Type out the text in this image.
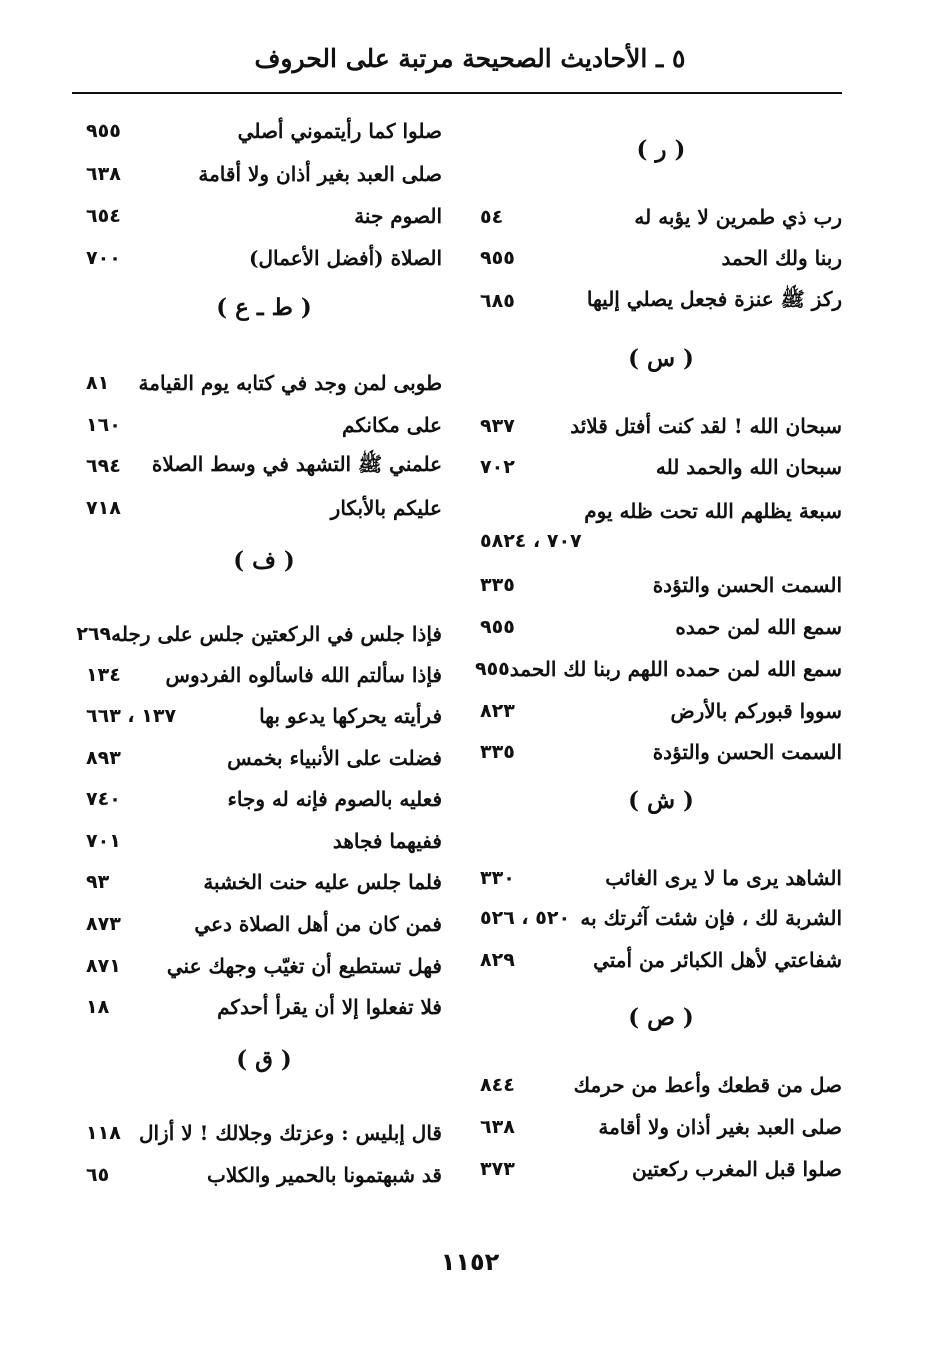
٥ ـ الأحاديث الصحيحة مرتبة على الحروف
( ر )
رب ذي طمرين لا يؤبه له
٥٤
ربنا ولك الحمد
٩٥٥
ركز ﷺ عنزة فجعل يصلي إليها
٦٨٥
( س )
سبحان الله ! لقد كنت أفتل قلائد
٩٣٧
سبحان الله والحمد لله
٧٠٢
سبعة يظلهم الله تحت ظله يوم
٧٠٧ ، ٥٨٢٤
السمت الحسن والتؤدة
٣٣٥
سمع الله لمن حمده
٩٥٥
سمع الله لمن حمده اللهم ربنا لك الحمد
٩٥٥
سووا قبوركم بالأرض
٨٢٣
السمت الحسن والتؤدة
٣٣٥
( ش )
الشاهد يرى ما لا يرى الغائب
٣٣٠
الشربة لك ، فإن شئت آثرتك به
٥٢٠ ، ٥٢٦
شفاعتي لأهل الكبائر من أمتي
٨٢٩
( ص )
صل من قطعك وأعط من حرمك
٨٤٤
صلى العبد بغير أذان ولا أقامة
٦٣٨
صلوا قبل المغرب ركعتين
٣٧٣
صلوا كما رأيتموني أصلي
٩٥٥
صلى العبد بغير أذان ولا أقامة
٦٣٨
الصوم جنة
٦٥٤
الصلاة (أفضل الأعمال)
٧٠٠
( ط ـ ع )
طوبى لمن وجد في كتابه يوم القيامة
٨١
على مكانكم
١٦٠
علمني ﷺ التشهد في وسط الصلاة
٦٩٤
عليكم بالأبكار
٧١٨
( ف )
فإذا جلس في الركعتين جلس على رجله
٢٦٩
فإذا سألتم الله فاسألوه الفردوس
١٣٤
فرأيته يحركها يدعو بها
١٣٧ ، ٦٦٣
فضلت على الأنبياء بخمس
٨٩٣
فعليه بالصوم فإنه له وجاء
٧٤٠
ففيهما فجاهد
٧٠١
فلما جلس عليه حنت الخشبة
٩٣
فمن كان من أهل الصلاة دعي
٨٧٣
فهل تستطيع أن تغيّب وجهك عني
٨٧١
فلا تفعلوا إلا أن يقرأ أحدكم
١٨
( ق )
قال إبليس : وعزتك وجلالك ! لا أزال
١١٨
قد شبهتمونا بالحمير والكلاب
٦٥
١١٥٢
